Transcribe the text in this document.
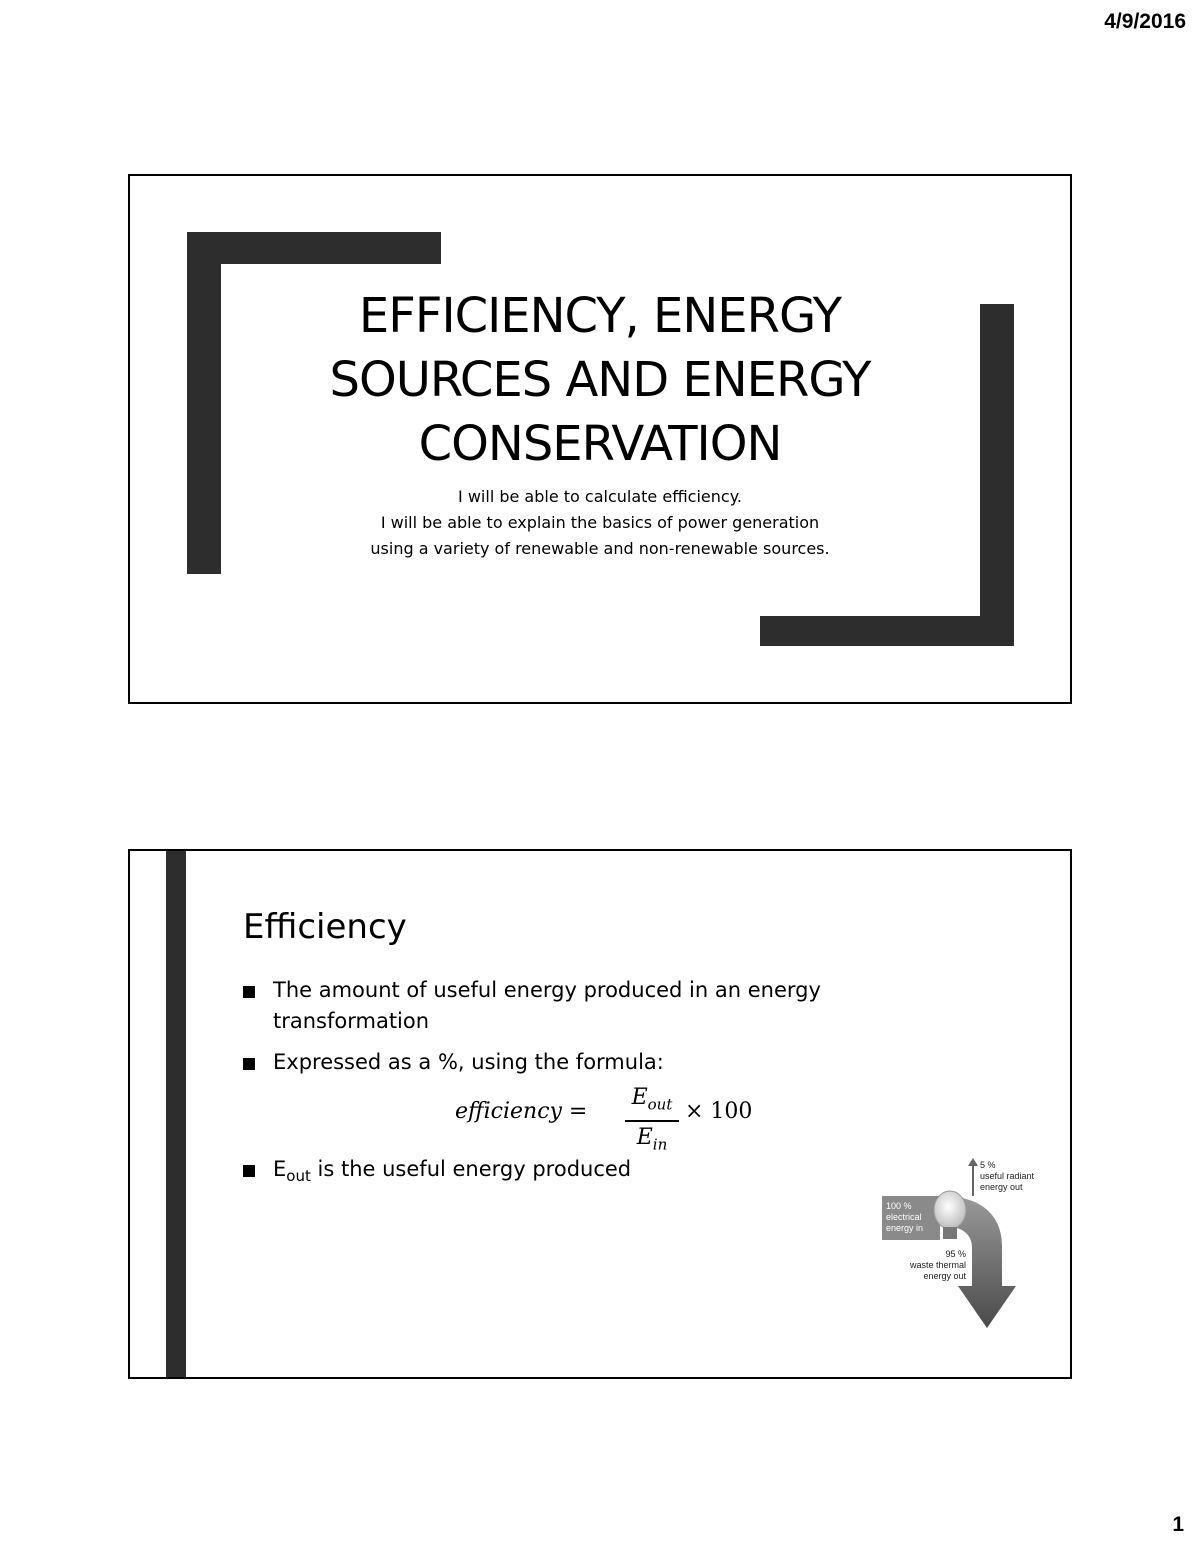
4/9/2016
EFFICIENCY, ENERGY
SOURCES AND ENERGY
CONSERVATION
I will be able to calculate efficiency.
I will be able to explain the basics of power generation
using a variety of renewable and non-renewable sources.
Efficiency
The amount of useful energy produced in an energy transformation
Expressed as a %, using the formula:
efficiency =
$E_{out}$
$E_{in}$
× 100
$E_{out}$ is the useful energy produced
100 %
electrical
energy in
5 %
useful radiant
energy out
95 %
waste thermal
energy out
1
